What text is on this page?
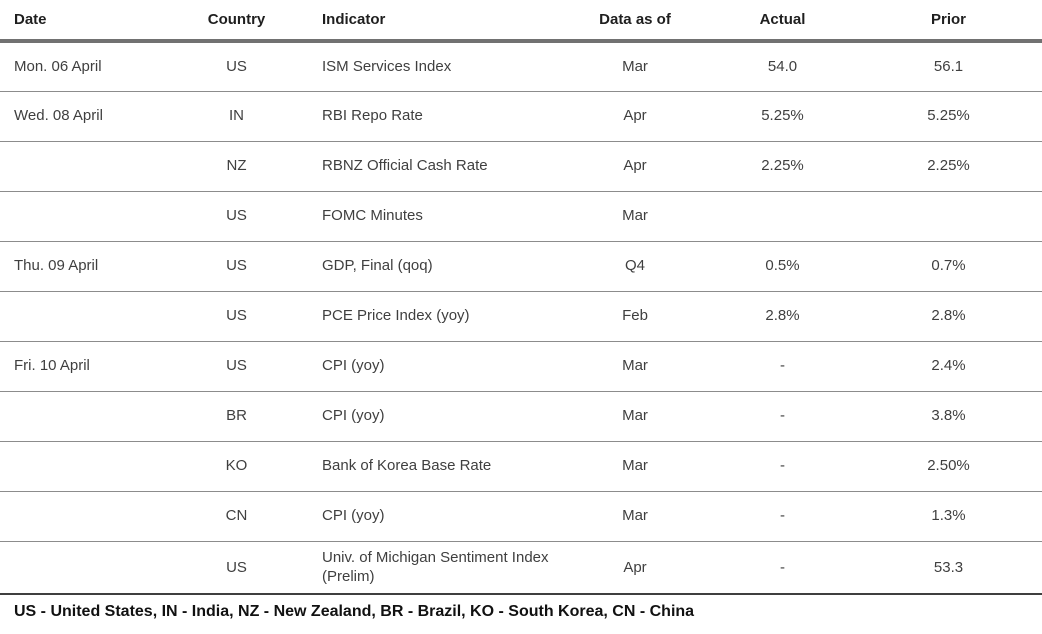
Date	Country	Indicator	Data as of	Actual	Prior
Mon. 06 April	US	ISM Services Index	Mar	54.0	56.1
Wed. 08 April	IN	RBI Repo Rate	Apr	5.25%	5.25%
	NZ	RBNZ Official Cash Rate	Apr	2.25%	2.25%
	US	FOMC Minutes	Mar		
Thu. 09 April	US	GDP, Final (qoq)	Q4	0.5%	0.7%
	US	PCE Price Index (yoy)	Feb	2.8%	2.8%
Fri. 10 April	US	CPI (yoy)	Mar	-	2.4%
	BR	CPI (yoy)	Mar	-	3.8%
	KO	Bank of Korea Base Rate	Mar	-	2.50%
	CN	CPI (yoy)	Mar	-	1.3%
	US	Univ. of Michigan Sentiment Index (Prelim)	Apr	-	53.3
US - United States, IN - India, NZ - New Zealand, BR - Brazil, KO - South Korea, CN - China
